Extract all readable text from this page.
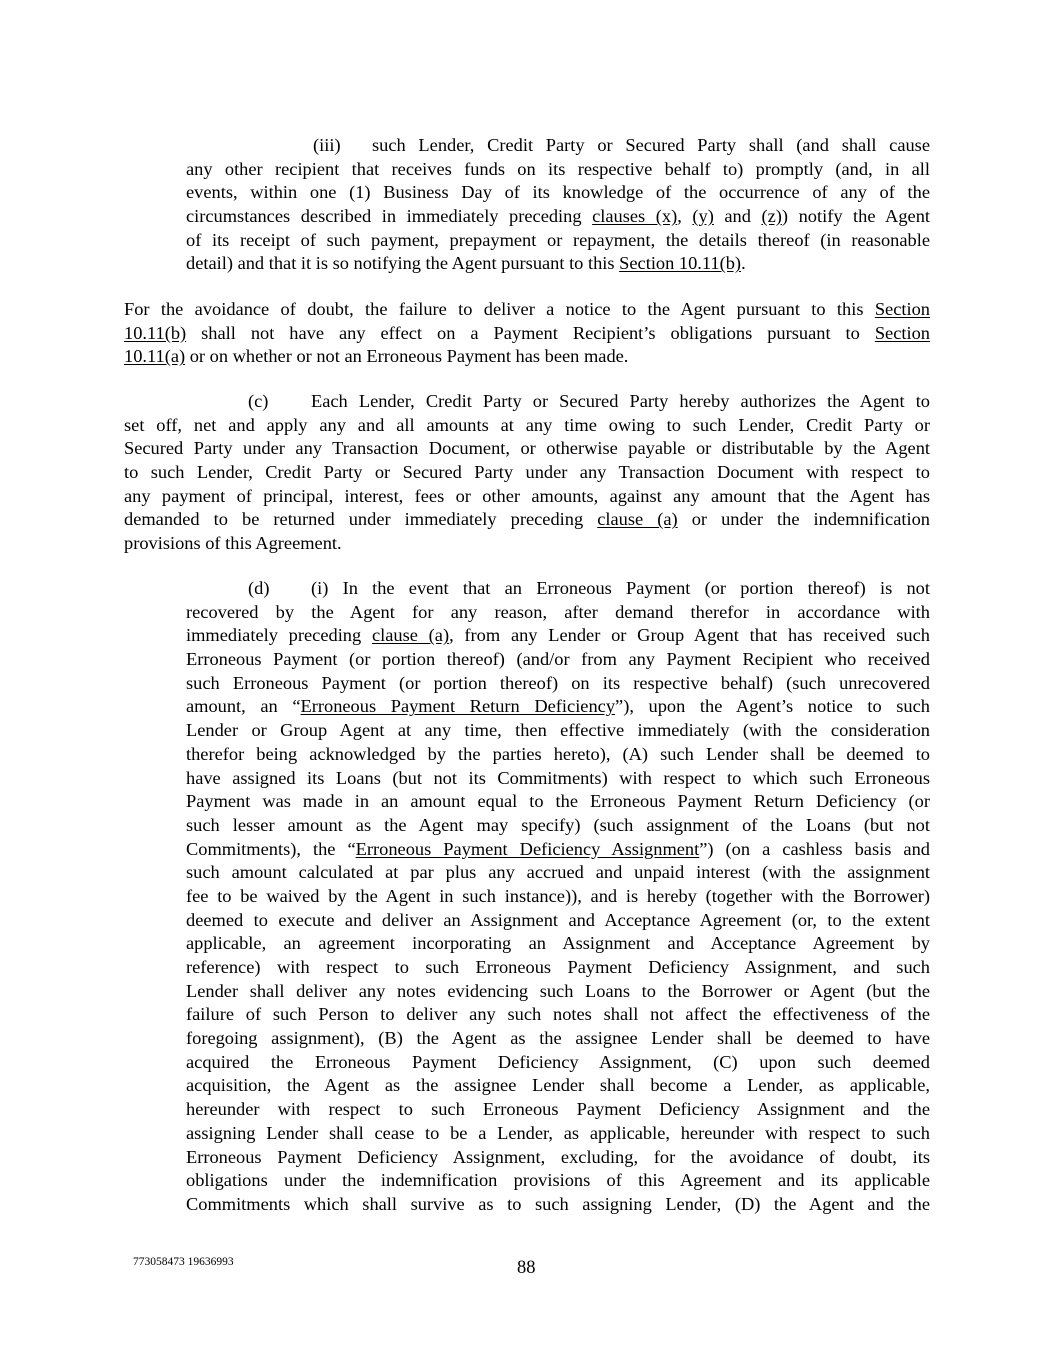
(iii) such Lender, Credit Party or Secured Party shall (and shall cause
any other recipient that receives funds on its respective behalf to) promptly (and, in all
events, within one (1) Business Day of its knowledge of the occurrence of any of the
circumstances described in immediately preceding clauses (x), (y) and (z)) notify the Agent
of its receipt of such payment, prepayment or repayment, the details thereof (in reasonable
detail) and that it is so notifying the Agent pursuant to this Section 10.11(b).
For the avoidance of doubt, the failure to deliver a notice to the Agent pursuant to this Section
10.11(b) shall not have any effect on a Payment Recipient’s obligations pursuant to Section
10.11(a) or on whether or not an Erroneous Payment has been made.
(c) Each Lender, Credit Party or Secured Party hereby authorizes the Agent to
set off, net and apply any and all amounts at any time owing to such Lender, Credit Party or
Secured Party under any Transaction Document, or otherwise payable or distributable by the Agent
to such Lender, Credit Party or Secured Party under any Transaction Document with respect to
any payment of principal, interest, fees or other amounts, against any amount that the Agent has
demanded to be returned under immediately preceding clause (a) or under the indemnification
provisions of this Agreement.
(d) (i) In the event that an Erroneous Payment (or portion thereof) is not
recovered by the Agent for any reason, after demand therefor in accordance with
immediately preceding clause (a), from any Lender or Group Agent that has received such
Erroneous Payment (or portion thereof) (and/or from any Payment Recipient who received
such Erroneous Payment (or portion thereof) on its respective behalf) (such unrecovered
amount, an “Erroneous Payment Return Deficiency”), upon the Agent’s notice to such
Lender or Group Agent at any time, then effective immediately (with the consideration
therefor being acknowledged by the parties hereto), (A) such Lender shall be deemed to
have assigned its Loans (but not its Commitments) with respect to which such Erroneous
Payment was made in an amount equal to the Erroneous Payment Return Deficiency (or
such lesser amount as the Agent may specify) (such assignment of the Loans (but not
Commitments), the “Erroneous Payment Deficiency Assignment”) (on a cashless basis and
such amount calculated at par plus any accrued and unpaid interest (with the assignment
fee to be waived by the Agent in such instance)), and is hereby (together with the Borrower)
deemed to execute and deliver an Assignment and Acceptance Agreement (or, to the extent
applicable, an agreement incorporating an Assignment and Acceptance Agreement by
reference) with respect to such Erroneous Payment Deficiency Assignment, and such
Lender shall deliver any notes evidencing such Loans to the Borrower or Agent (but the
failure of such Person to deliver any such notes shall not affect the effectiveness of the
foregoing assignment), (B) the Agent as the assignee Lender shall be deemed to have
acquired the Erroneous Payment Deficiency Assignment, (C) upon such deemed
acquisition, the Agent as the assignee Lender shall become a Lender, as applicable,
hereunder with respect to such Erroneous Payment Deficiency Assignment and the
assigning Lender shall cease to be a Lender, as applicable, hereunder with respect to such
Erroneous Payment Deficiency Assignment, excluding, for the avoidance of doubt, its
obligations under the indemnification provisions of this Agreement and its applicable
Commitments which shall survive as to such assigning Lender, (D) the Agent and the
773058473 19636993	88
